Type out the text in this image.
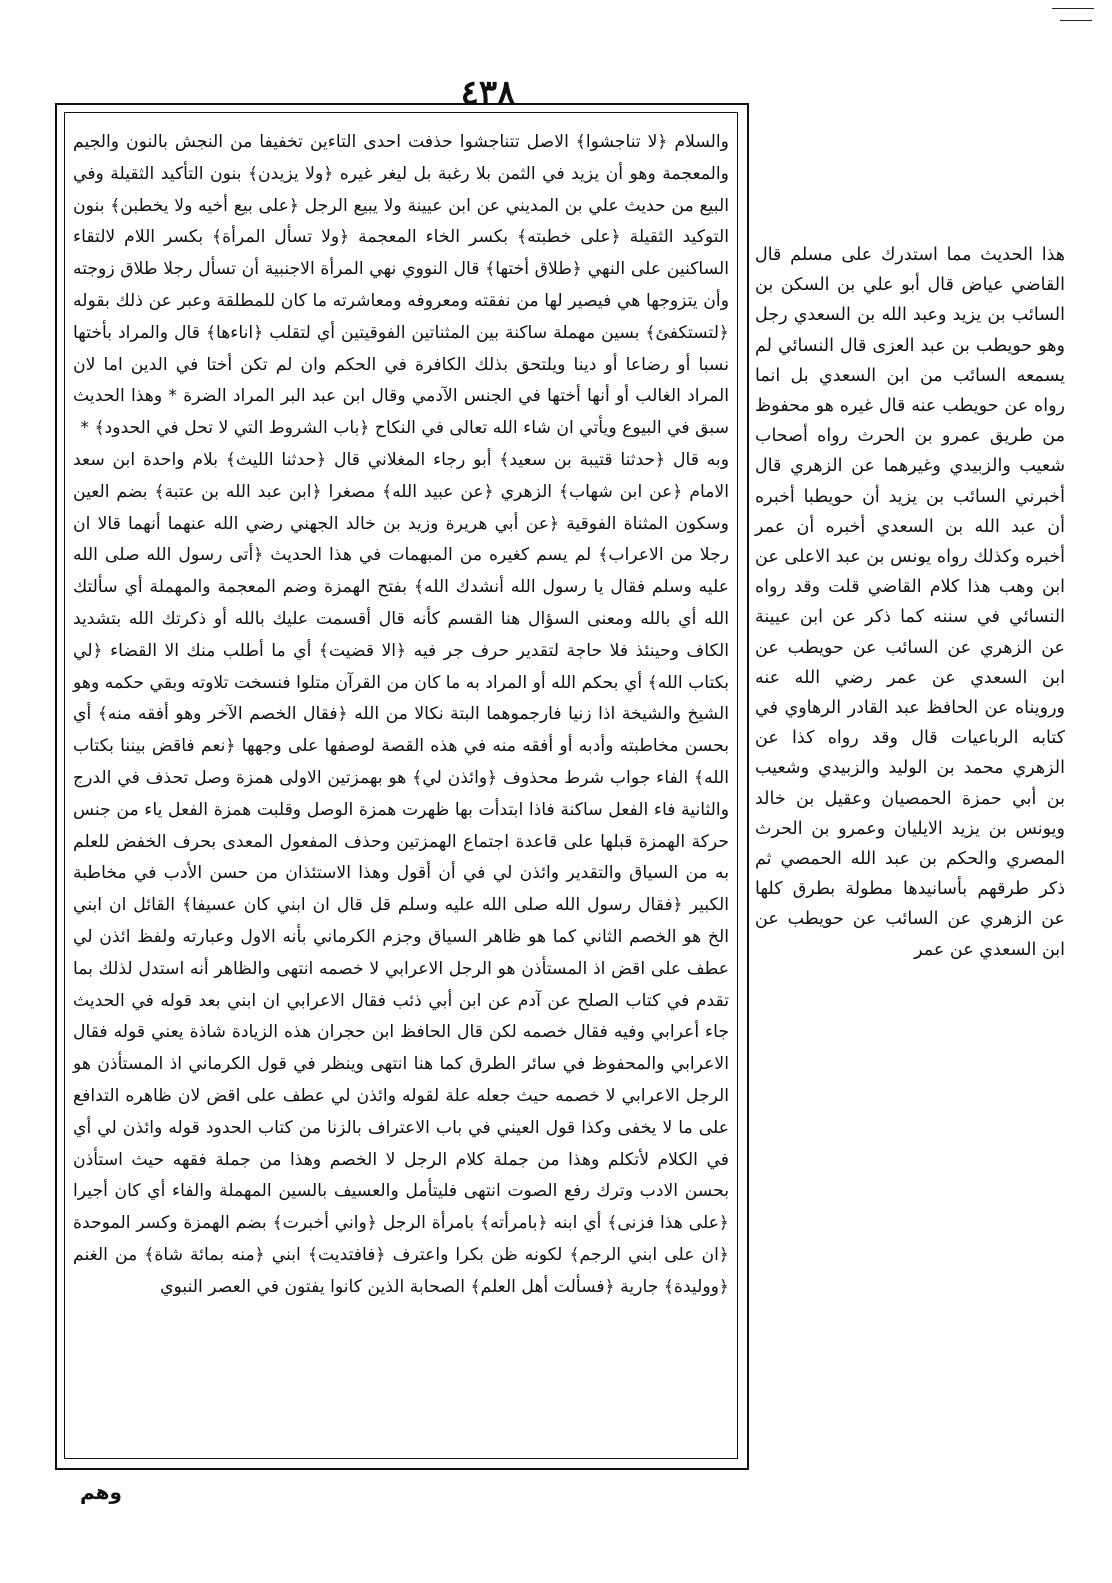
٤٣٨

والسلام ﴿لا تناجشوا﴾ الاصل تتناجشوا حذفت احدى التاءين تخفيفا من النجش بالنون والجيم والمعجمة وهو أن يزيد في الثمن بلا رغبة بل ليغر غيره ﴿ولا يزيدن﴾ بنون التأكيد الثقيلة وفي البيع من حديث علي بن المديني عن ابن عيينة ولا يبيع الرجل ﴿على بيع أخيه ولا يخطبن﴾ بنون التوكيد الثقيلة ﴿على خطبته﴾ بكسر الخاء المعجمة ﴿ولا تسأل المرأة﴾ بكسر اللام لالتقاء الساكنين على النهي ﴿طلاق أختها﴾ قال النووي نهي المرأة الاجنبية أن تسأل رجلا طلاق زوجته وأن يتزوجها هي فيصير لها من نفقته ومعروفه ومعاشرته ما كان للمطلقة وعبر عن ذلك بقوله ﴿لتستكفئ﴾ بسين مهملة ساكنة بين المثناتين الفوقيتين أي لتقلب ﴿اناءها﴾ قال والمراد بأختها نسبا أو رضاعا أو دينا ويلتحق بذلك الكافرة في الحكم وان لم تكن أختا في الدين اما لان المراد الغالب أو أنها أختها في الجنس الآدمي وقال ابن عبد البر المراد الضرة * وهذا الحديث سبق في البيوع ويأتي ان شاء الله تعالى في النكاح ﴿باب الشروط التي لا تحل في الحدود﴾ *

وبه قال ﴿حدثنا قتيبة بن سعيد﴾ أبو رجاء المغلاني قال ﴿حدثنا الليث﴾ بلام واحدة ابن سعد الامام ﴿عن ابن شهاب﴾ الزهري ﴿عن عبيد الله﴾ مصغرا ﴿ابن عبد الله بن عتبة﴾ بضم العين وسكون المثناة الفوقية ﴿عن أبي هريرة وزيد بن خالد الجهني رضي الله عنهما أنهما قالا ان رجلا من الاعراب﴾ لم يسم كغيره من المبهمات في هذا الحديث ﴿أتى رسول الله صلى الله عليه وسلم فقال يا رسول الله أنشدك الله﴾ بفتح الهمزة وضم المعجمة والمهملة أي سألتك الله أي بالله ومعنى السؤال هنا القسم كأنه قال أقسمت عليك بالله أو ذكرتك الله بتشديد الكاف وحينئذ فلا حاجة لتقدير حرف جر فيه ﴿الا قضيت﴾ أي ما أطلب منك الا القضاء ﴿لي بكتاب الله﴾ أي بحكم الله أو المراد به ما كان من القرآن متلوا فنسخت تلاوته وبقي حكمه وهو الشيخ والشيخة اذا زنيا فارجموهما البتة نكالا من الله ﴿فقال الخصم الآخر وهو أفقه منه﴾ أي بحسن مخاطبته وأدبه أو أفقه منه في هذه القصة لوصفها على وجهها ﴿نعم فاقض بيننا بكتاب الله﴾ الفاء جواب شرط محذوف ﴿وائذن لي﴾ هو بهمزتين الاولى همزة وصل تحذف في الدرج والثانية فاء الفعل ساكنة فاذا ابتدأت بها ظهرت همزة الوصل وقلبت همزة الفعل ياء من جنس حركة الهمزة قبلها على قاعدة اجتماع الهمزتين وحذف المفعول المعدى بحرف الخفض للعلم به من السياق والتقدير وائذن لي في أن أقول وهذا الاستئذان من حسن الأدب في مخاطبة الكبير ﴿فقال رسول الله صلى الله عليه وسلم قل قال ان ابني كان عسيفا﴾ القائل ان ابني الخ هو الخصم الثاني كما هو ظاهر السياق وجزم الكرماني بأنه الاول وعبارته ولفظ ائذن لي عطف على اقض اذ المستأذن هو الرجل الاعرابي لا خصمه انتهى والظاهر أنه استدل لذلك بما تقدم في كتاب الصلح عن آدم عن ابن أبي ذئب فقال الاعرابي ان ابني بعد قوله في الحديث جاء أعرابي وفيه فقال خصمه لكن قال الحافظ ابن حجران هذه الزيادة شاذة يعني قوله فقال الاعرابي والمحفوظ في سائر الطرق كما هنا انتهى وينظر في قول الكرماني اذ المستأذن هو الرجل الاعرابي لا خصمه حيث جعله علة لقوله وائذن لي عطف على اقض لان ظاهره التدافع على ما لا يخفى وكذا قول العيني في باب الاعتراف بالزنا من كتاب الحدود قوله وائذن لي أي في الكلام لأتكلم وهذا من جملة كلام الرجل لا الخصم وهذا من جملة فقهه حيث استأذن بحسن الادب وترك رفع الصوت انتهى فليتأمل والعسيف بالسين المهملة والفاء أي كان أجيرا ﴿على هذا فزنى﴾ أي ابنه ﴿بامرأته﴾ بامرأة الرجل ﴿واني أخبرت﴾ بضم الهمزة وكسر الموحدة ﴿ان على ابني الرجم﴾ لكونه ظن بكرا واعترف ﴿فافتديت﴾ ابني ﴿منه بمائة شاة﴾ من الغنم ﴿ووليدة﴾ جارية ﴿فسألت أهل العلم﴾ الصحابة الذين كانوا يفتون في العصر النبوي

هذا الحديث مما استدرك على مسلم قال القاضي عياض قال أبو علي بن السكن بن السائب بن يزيد وعبد الله بن السعدي رجل وهو حويطب بن عبد العزى قال النسائي لم يسمعه السائب من ابن السعدي بل انما رواه عن حويطب عنه قال غيره هو محفوظ من طريق عمرو بن الحرث رواه أصحاب شعيب والزبيدي وغيرهما عن الزهري قال أخبرني السائب بن يزيد أن حويطبا أخبره أن عبد الله بن السعدي أخبره أن عمر أخبره وكذلك رواه يونس بن عبد الاعلى عن ابن وهب هذا كلام القاضي قلت وقد رواه النسائي في سننه كما ذكر عن ابن عيينة عن الزهري عن السائب عن حويطب عن ابن السعدي عن عمر رضي الله عنه ورويناه عن الحافظ عبد القادر الرهاوي في كتابه الرباعيات قال وقد رواه كذا عن الزهري محمد بن الوليد والزبيدي وشعيب بن أبي حمزة الحمصيان وعقيل بن خالد ويونس بن يزيد الايليان وعمرو بن الحرث المصري والحكم بن عبد الله الحمصي ثم ذكر طرقهم بأسانيدها مطولة بطرق كلها عن الزهري عن السائب عن حويطب عن ابن السعدي عن عمر

وهم
